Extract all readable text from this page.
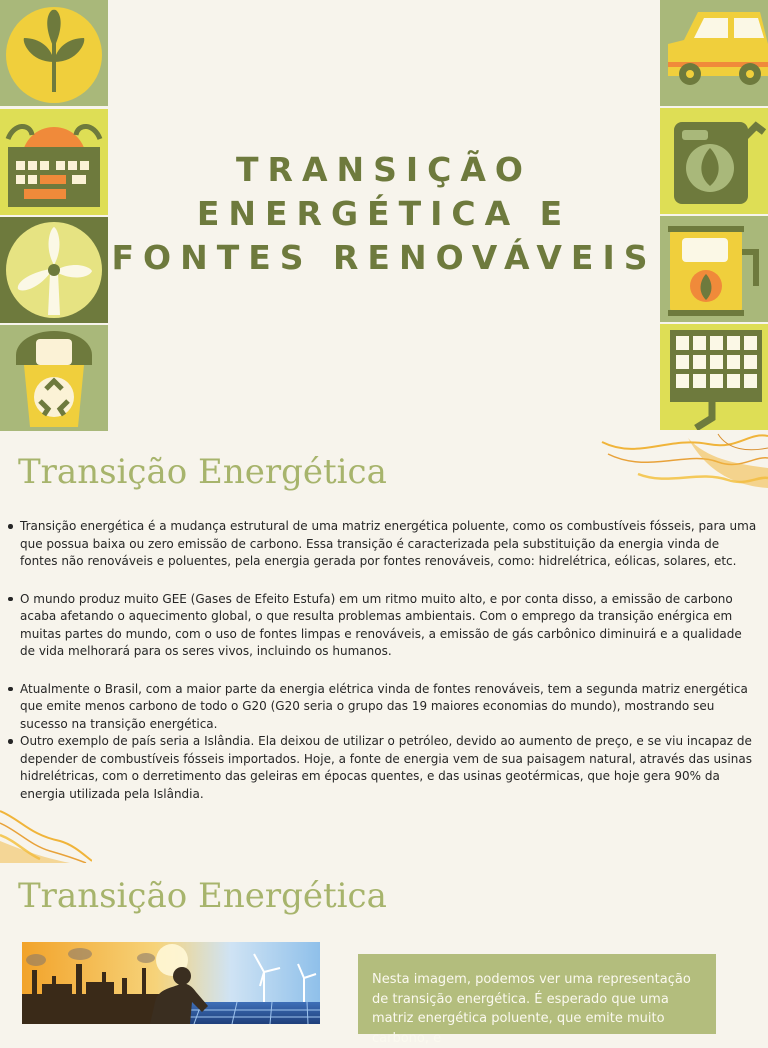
TRANSIÇÃO
ENERGÉTICA E
FONTES RENOVÁVEIS
Transição Energética
Transição energética é a mudança estrutural de uma matriz energética poluente, como os combustíveis fósseis, para uma que possua baixa ou zero emissão de carbono. Essa transição é caracterizada pela substituição da energia vinda de fontes não renováveis e poluentes, pela energia gerada por fontes renováveis, como: hidrelétrica, eólicas, solares, etc.
O mundo produz muito GEE (Gases de Efeito Estufa) em um ritmo muito alto, e por conta disso, a emissão de carbono acaba afetando o aquecimento global, o que resulta problemas ambientais. Com o emprego da transição enérgica em muitas partes do mundo, com o uso de fontes limpas e renováveis, a emissão de gás carbônico diminuirá e a qualidade de vida melhorará para os seres vivos, incluindo os humanos.
Atualmente o Brasil, com a maior parte da energia elétrica vinda de fontes renováveis, tem a segunda matriz energética que emite menos carbono de todo o G20 (G20 seria o grupo das 19 maiores economias do mundo), mostrando seu sucesso na transição energética.
Outro exemplo de país seria a Islândia. Ela deixou de utilizar o petróleo, devido ao aumento de preço, e se viu incapaz de depender de combustíveis fósseis importados. Hoje, a fonte de energia vem de sua paisagem natural, através das usinas hidrelétricas, com o derretimento das geleiras em épocas quentes, e das usinas geotérmicas, que hoje gera 90% da energia utilizada pela Islândia.
Transição Energética
Nesta imagem, podemos ver uma representação de transição energética. É esperado que uma matriz energética poluente, que emite muito carbono, e
